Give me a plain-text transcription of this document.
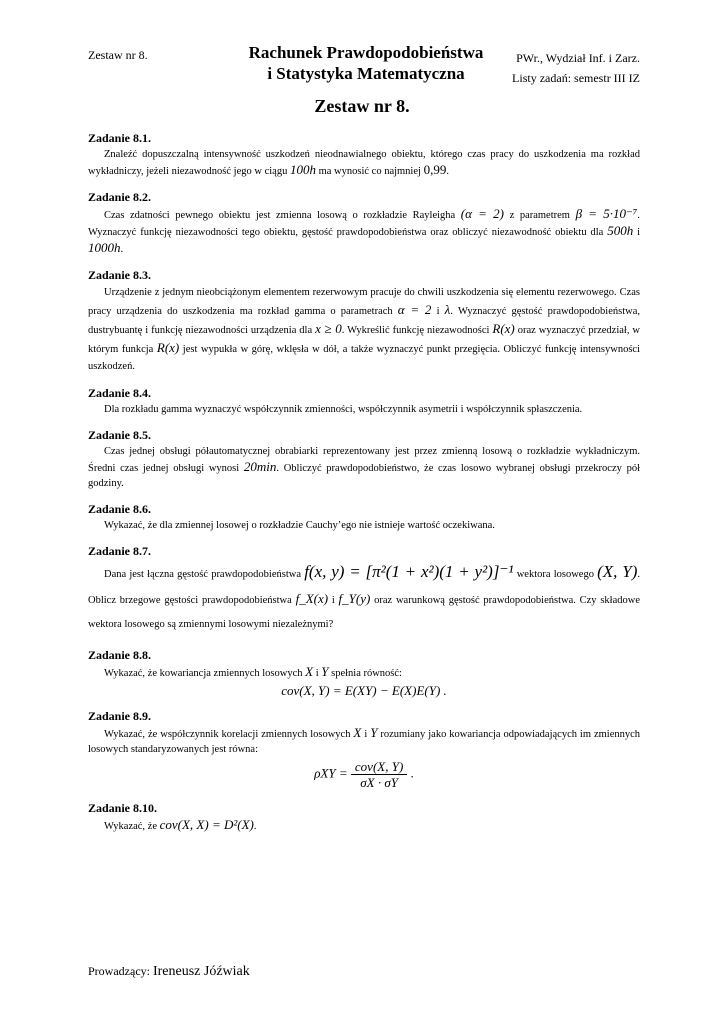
Zestaw nr 8.	Rachunek Prawdopodobieństwa
i Statystyka Matematyczna
PWr., Wydział Inf. i Zarz.
Listy zadań: semestr III IZ
Zestaw nr 8.
Zadanie 8.1.

Znaleźć dopuszczalną intensywność uszkodzeń nieodnawialnego obiektu, którego czas pracy do uszkodzenia ma rozkład wykładniczy, jeżeli niezawodność jego w ciągu 100h ma wynosić co najmniej 0,99.

Zadanie 8.2.

Czas zdatności pewnego obiektu jest zmienna losową o rozkładzie Rayleigha (α = 2) z parametrem β = 5·10⁻⁷. Wyznaczyć funkcję niezawodności tego obiektu, gęstość prawdopodobieństwa oraz obliczyć niezawodność obiektu dla 500h i 1000h.

Zadanie 8.3.

Urządzenie z jednym nieobciążonym elementem rezerwowym pracuje do chwili uszkodzenia się elementu rezerwowego. Czas pracy urządzenia do uszkodzenia ma rozkład gamma o parametrach α = 2 i λ. Wyznaczyć gęstość prawdopodobieństwa, dustrybuantę i funkcję niezawodności urządzenia dla x ≥ 0. Wykreślić funkcję niezawodności R(x) oraz wyznaczyć przedział, w którym funkcja R(x) jest wypukła w górę, wklęsła w dół, a także wyznaczyć punkt przegięcia. Obliczyć funkcję intensywności uszkodzeń.

Zadanie 8.4.

Dla rozkładu gamma wyznaczyć współczynnik zmienności, współczynnik asymetrii i współczynnik spłaszczenia.

Zadanie 8.5.

Czas jednej obsługi półautomatycznej obrabiarki reprezentowany jest przez zmienną losową o rozkładzie wykładniczym. Średni czas jednej obsługi wynosi 20min. Obliczyć prawdopodobieństwo, że czas losowo wybranej obsługi przekroczy pół godziny.

Zadanie 8.6.

Wykazać, że dla zmiennej losowej o rozkładzie Cauchy’ego nie istnieje wartość oczekiwana.

Zadanie 8.7.

Dana jest łączna gęstość prawdopodobieństwa f(x, y) = [π²(1 + x²)(1 + y²)]⁻¹ wektora losowego (X, Y). Oblicz brzegowe gęstości prawdopodobieństwa f_X(x) i f_Y(y) oraz warunkową gęstość prawdopodobieństwa. Czy składowe wektora losowego są zmiennymi losowymi niezależnymi?

Zadanie 8.8.

Wykazać, że kowariancja zmiennych losowych X i Y spełnia równość:

cov(X, Y) = E(XY) − E(X)E(Y) .
Zadanie 8.9.

Wykazać, że współczynnik korelacji zmiennych losowych X i Y rozumiany jako kowariancja odpowiadających im zmiennych losowych standaryzowanych jest równa:

$\rho XY = \frac{\text{cov(X, Y)}}{\sigma X \cdot \sigma Y}$ .
Zadanie 8.10.

Wykazać, że cov(X, X) = D²(X).

Prowadzący: Ireneusz Jóźwiak
